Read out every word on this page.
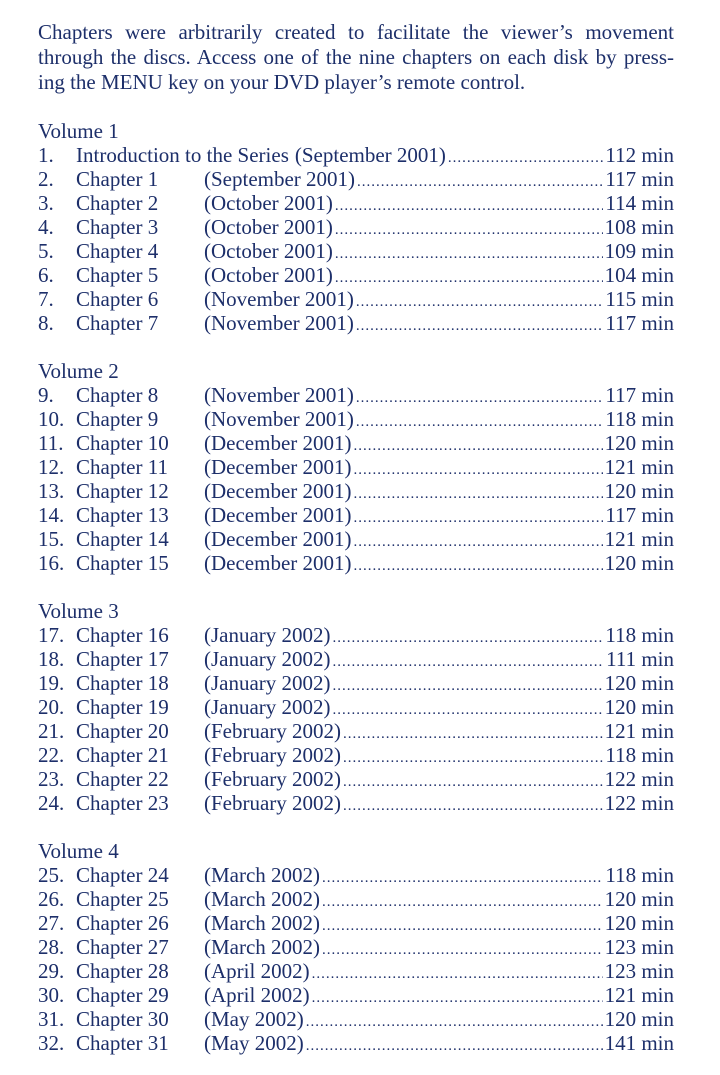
Chapters were arbitrarily created to facilitate the viewer’s movement through the discs. Access one of the nine chapters on each disk by press-ing the MENU key on your DVD player’s remote control.

Volume 1
1.	Introduction to the Series (September 2001) .....	112 min
2.	Chapter 1	(September 2001) .....	117 min
3.	Chapter 2	(October 2001) .....	114 min
4.	Chapter 3	(October 2001) .....	108 min
5.	Chapter 4	(October 2001) .....	109 min
6.	Chapter 5	(October 2001) .....	104 min
7.	Chapter 6	(November 2001) .....	115 min
8.	Chapter 7	(November 2001) .....	117 min
Volume 2
9.	Chapter 8	(November 2001) .....	117 min
10. Chapter 9	(November 2001) .....	118 min
11. Chapter 10	(December 2001) .....	120 min
12. Chapter 11	(December 2001) .....	121 min
13. Chapter 12	(December 2001) .....	120 min
14. Chapter 13	(December 2001) .....	117 min
15. Chapter 14	(December 2001) .....	121 min
16. Chapter 15	(December 2001) .....	120 min
Volume 3
17. Chapter 16	(January 2002) .....	118 min
18. Chapter 17	(January 2002) .....	111 min
19. Chapter 18	(January 2002) .....	120 min
20. Chapter 19	(January 2002) .....	120 min
21. Chapter 20	(February 2002) .....	121 min
22. Chapter 21	(February 2002) .....	118 min
23. Chapter 22	(February 2002) .....	122 min
24. Chapter 23	(February 2002) .....	122 min
Volume 4
25. Chapter 24	(March 2002) .....	118 min
26. Chapter 25	(March 2002) .....	120 min
27. Chapter 26	(March 2002) .....	120 min
28. Chapter 27	(March 2002) .....	123 min
29. Chapter 28	(April 2002) .....	123 min
30. Chapter 29	(April 2002) .....	121 min
31. Chapter 30	(May 2002) .....	120 min
32. Chapter 31	(May 2002) .....	141 min
